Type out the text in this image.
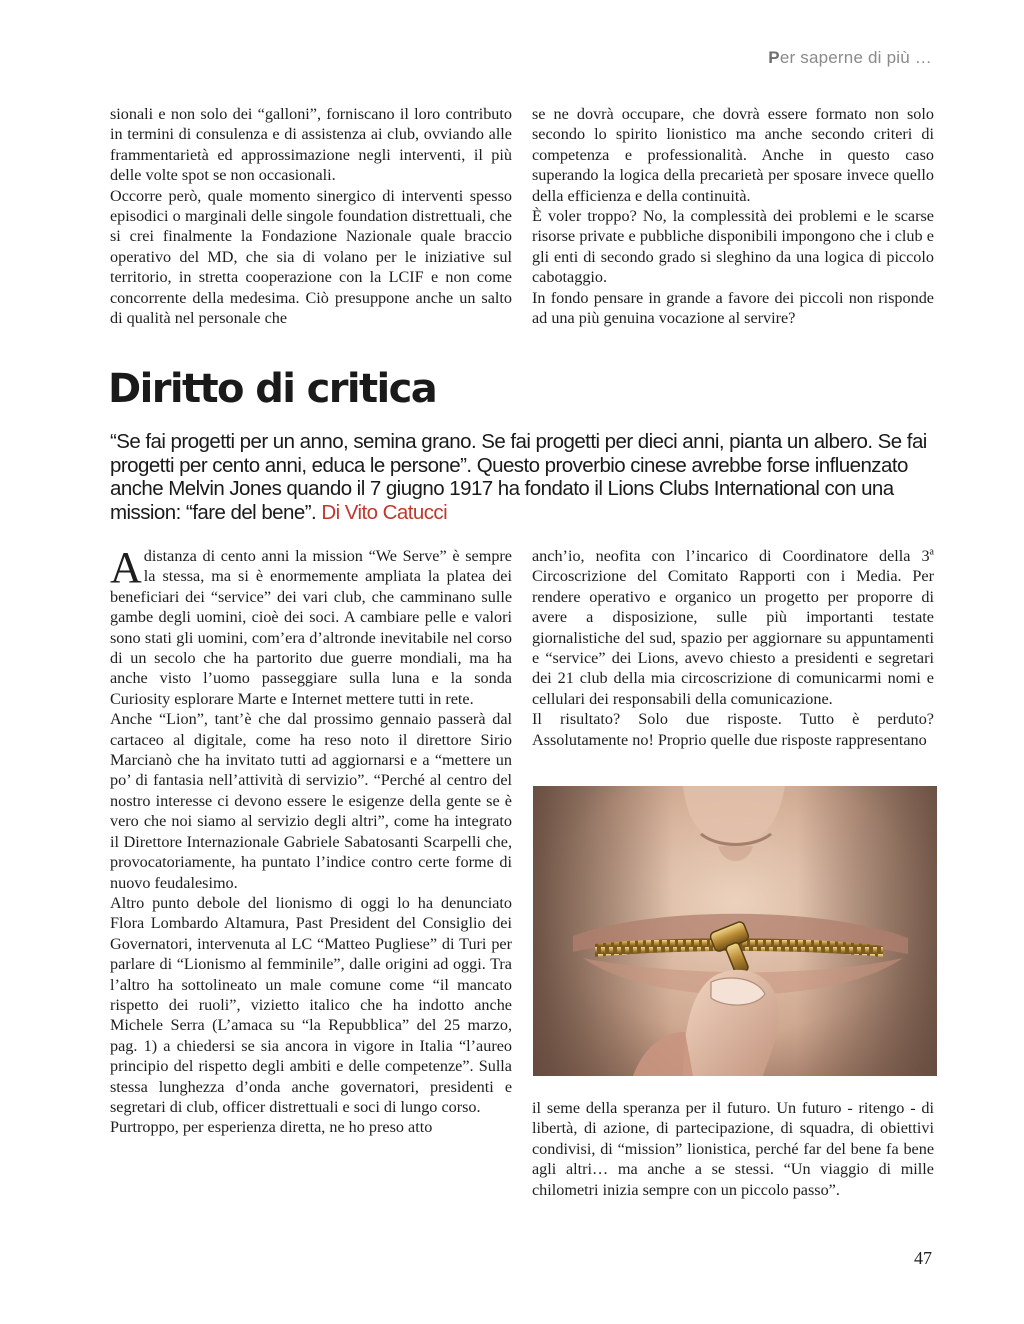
Per saperne di più …

sionali e non solo dei “galloni”, forniscano il loro contributo in termini di consulenza e di assistenza ai club, ovviando alle frammentarietà ed approssimazione negli interventi, il più delle volte spot se non occasionali.

Occorre però, quale momento sinergico di interventi spesso episodici o marginali delle singole foundation distrettuali, che si crei finalmente la Fondazione Nazionale quale braccio operativo del MD, che sia di volano per le iniziative sul territorio, in stretta cooperazione con la LCIF e non come concorrente della medesima. Ciò presuppone anche un salto di qualità nel personale che

se ne dovrà occupare, che dovrà essere formato non solo secondo lo spirito lionistico ma anche secondo criteri di competenza e professionalità. Anche in questo caso superando la logica della precarietà per sposare invece quello della efficienza e della continuità.

È voler troppo? No, la complessità dei problemi e le scarse risorse private e pubbliche disponibili impongono che i club e gli enti di secondo grado si sleghino da una logica di piccolo cabotaggio.

In fondo pensare in grande a favore dei piccoli non risponde ad una più genuina vocazione al servire?

Diritto di critica

“Se fai progetti per un anno, semina grano. Se fai progetti per dieci anni, pianta un albero. Se fai progetti per cento anni, educa le persone”. Questo proverbio cinese avrebbe forse influenzato anche Melvin Jones quando il 7 giugno 1917 ha fondato il Lions Clubs International con una mission: “fare del bene”. Di Vito Catucci

Adistanza di cento anni la mission “We Serve” è sempre la stessa, ma si è enormemente ampliata la platea dei beneficiari dei “service” dei vari club, che camminano sulle gambe degli uomini, cioè dei soci. A cambiare pelle e valori sono stati gli uomini, com’era d’altronde inevitabile nel corso di un secolo che ha partorito due guerre mondiali, ma ha anche visto l’uomo passeggiare sulla luna e la sonda Curiosity esplorare Marte e Internet mettere tutti in rete.

Anche “Lion”, tant’è che dal prossimo gennaio passerà dal cartaceo al digitale, come ha reso noto il direttore Sirio Marcianò che ha invitato tutti ad aggiornarsi e a “mettere un po’ di fantasia nell’attività di servizio”. “Perché al centro del nostro interesse ci devono essere le esigenze della gente se è vero che noi siamo al servizio degli altri”, come ha integrato il Direttore Internazionale Gabriele Sabatosanti Scarpelli che, provocatoriamente, ha puntato l’indice contro certe forme di nuovo feudalesimo.

Altro punto debole del lionismo di oggi lo ha denunciato Flora Lombardo Altamura, Past President del Consiglio dei Governatori, intervenuta al LC “Matteo Pugliese” di Turi per parlare di “Lionismo al femminile”, dalle origini ad oggi. Tra l’altro ha sottolineato un male comune come “il mancato rispetto dei ruoli”, vizietto italico che ha indotto anche Michele Serra (L’amaca su “la Repubblica” del 25 marzo, pag. 1) a chiedersi se sia ancora in vigore in Italia “l’aureo principio del rispetto degli ambiti e delle competenze”. Sulla stessa lunghezza d’onda anche governatori, presidenti e segretari di club, officer distrettuali e soci di lungo corso.

Purtroppo, per esperienza diretta, ne ho preso atto

anch’io, neofita con l’incarico di Coordinatore della 3$^a$ Circoscrizione del Comitato Rapporti con i Media. Per rendere operativo e organico un progetto per proporre di avere a disposizione, sulle più importanti testate giornalistiche del sud, spazio per aggiornare su appuntamenti e “service” dei Lions, avevo chiesto a presidenti e segretari dei 21 club della mia circoscrizione di comunicarmi nomi e cellulari dei responsabili della comunicazione.

Il risultato? Solo due risposte. Tutto è perduto? Assolutamente no! Proprio quelle due risposte rappresentano

il seme della speranza per il futuro. Un futuro - ritengo - di libertà, di azione, di partecipazione, di squadra, di obiettivi condivisi, di “mission” lionistica, perché far del bene fa bene agli altri… ma anche a se stessi. “Un viaggio di mille chilometri inizia sempre con un piccolo passo”.

47
